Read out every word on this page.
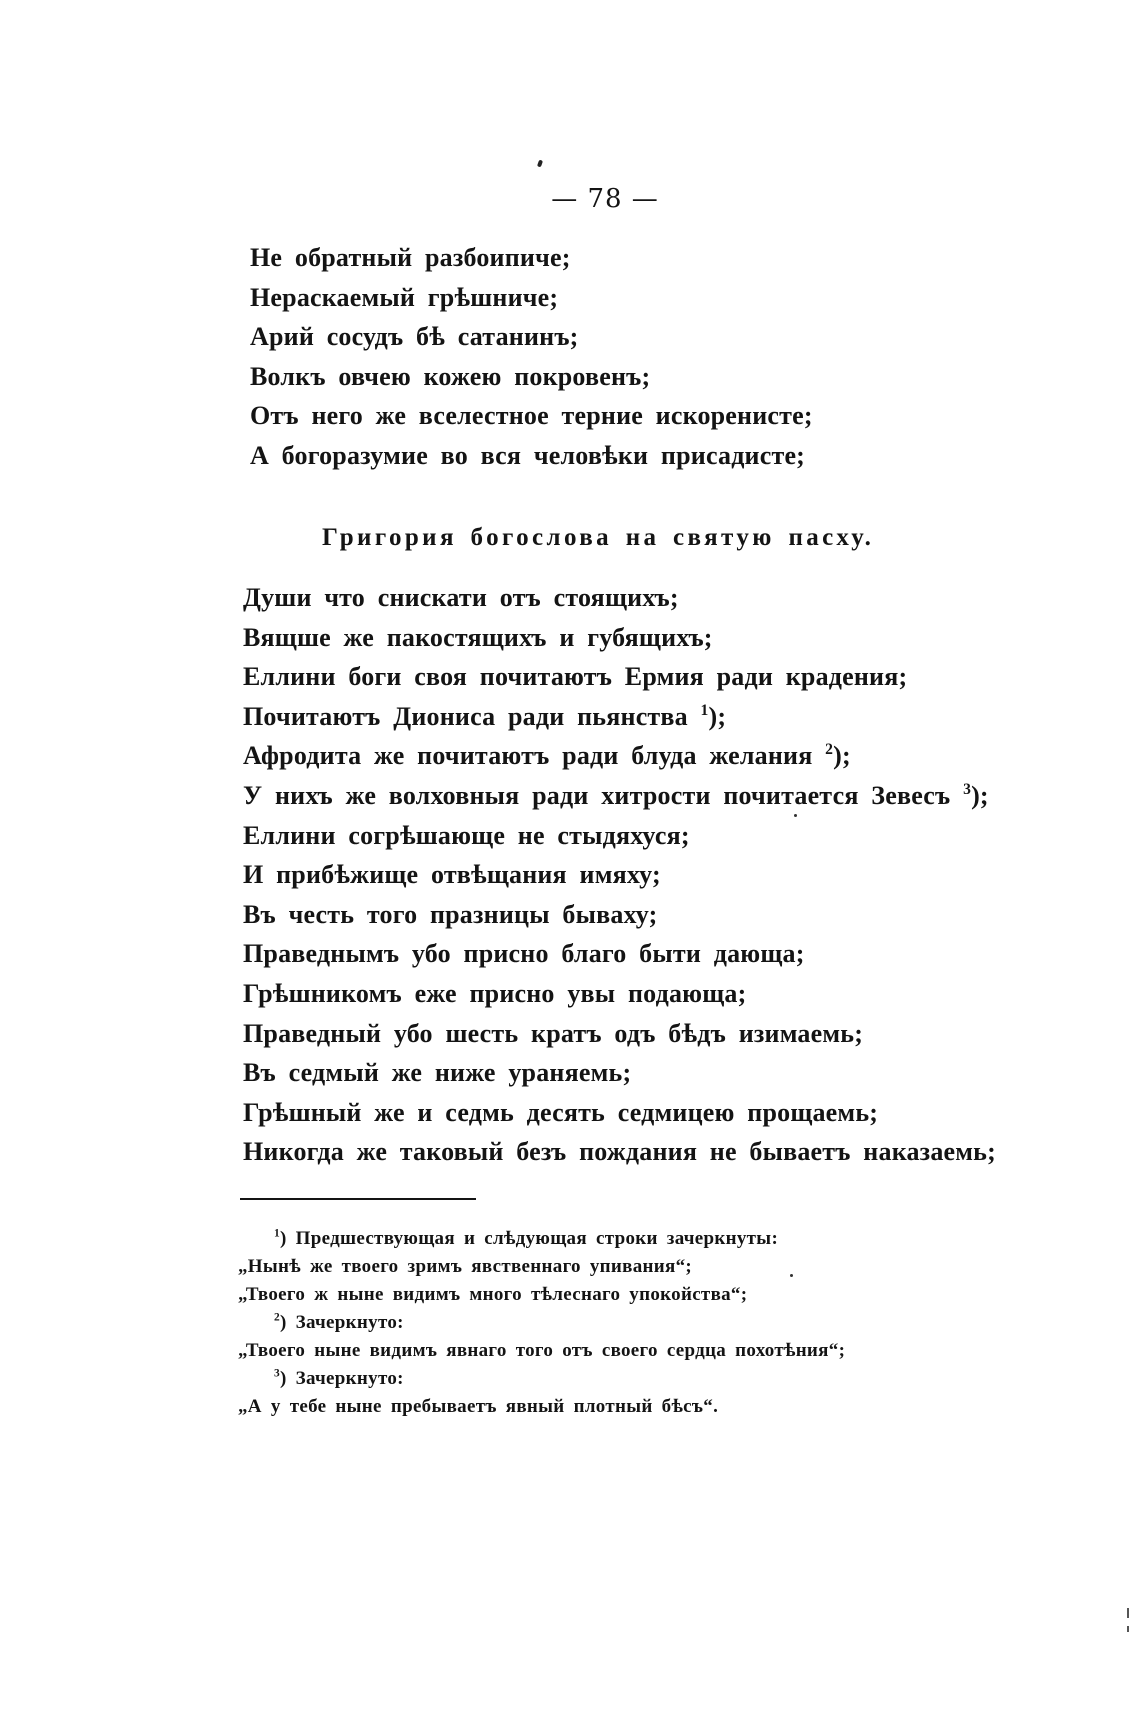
— 78 —
Не обратный разбоипиче;
Нераскаемый грѣшниче;
Арий сосудъ бѣ сатанинъ;
Волкъ овчею кожею покровенъ;
Отъ него же вселестное терние искорениcте;
А богоразумие во вся человѣки присадисте;
Григория богослова на святую пасху.
Души что снискати отъ стоящихъ;
Вящше же пакостящихъ и губящихъ;
Еллини боги своя почитаютъ Ермия ради крадения;
Почитаютъ Диониса ради пьянства $^1$);
Афродита же почитаютъ ради блуда желания $^2$);
У нихъ же волховныя ради хитрости почитается Зевесъ $^3$);
Еллини согрѣшающе не стыдяхуся;
И прибѣжище отвѣщания имяху;
Въ честь того празницы бываху;
Праведнымъ убо присно благо быти дающа;
Грѣшникомъ еже присно увы подающа;
Праведный убо шесть кратъ одъ бѣдъ изимаемь;
Въ седмый же ниже ураняемь;
Грѣшный же и седмь десять седмицею прощаемь;
Никогда же таковый безъ пождания не бываетъ наказаемь;
$^1$) Предшествующая и слѣдующая строки зачеркнуты:
„Нынѣ же твоего зримъ явственнаго упивания“;
„Твоего ж ныне видимъ много тѣлеснаго упокойства“;
$^2$) Зачеркнуто:
„Твоего ныне видимъ явнаго того отъ своего сердца похотѣния“;
$^3$) Зачеркнуто:
„А у тебе ныне пребываетъ явный плотный бѣсъ“.
